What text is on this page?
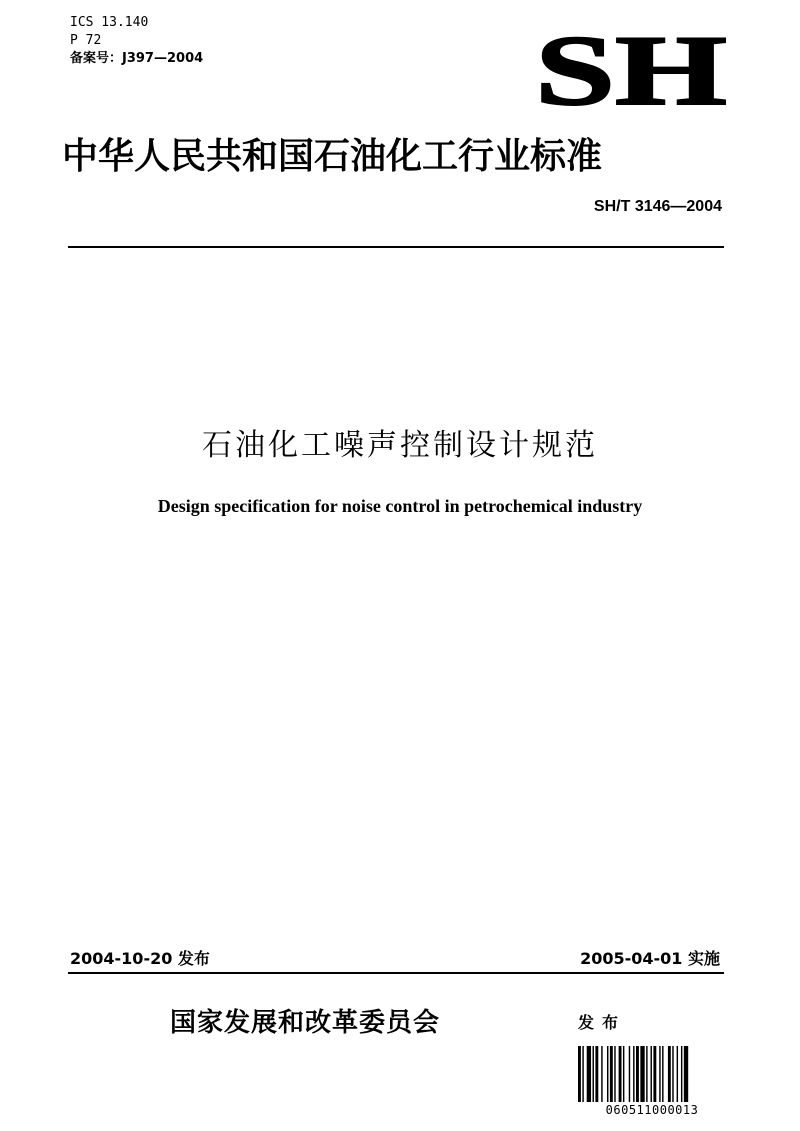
ICS 13.140
P 72
备案号：J397—2004	SH
中华人民共和国石油化工行业标准
SH/T 3146—2004
石油化工噪声控制设计规范
Design specification for noise control in petrochemical industry
2004-10-20 发布	2005-04-01 实施
国家发展和改革委员会	发布
060511000013
